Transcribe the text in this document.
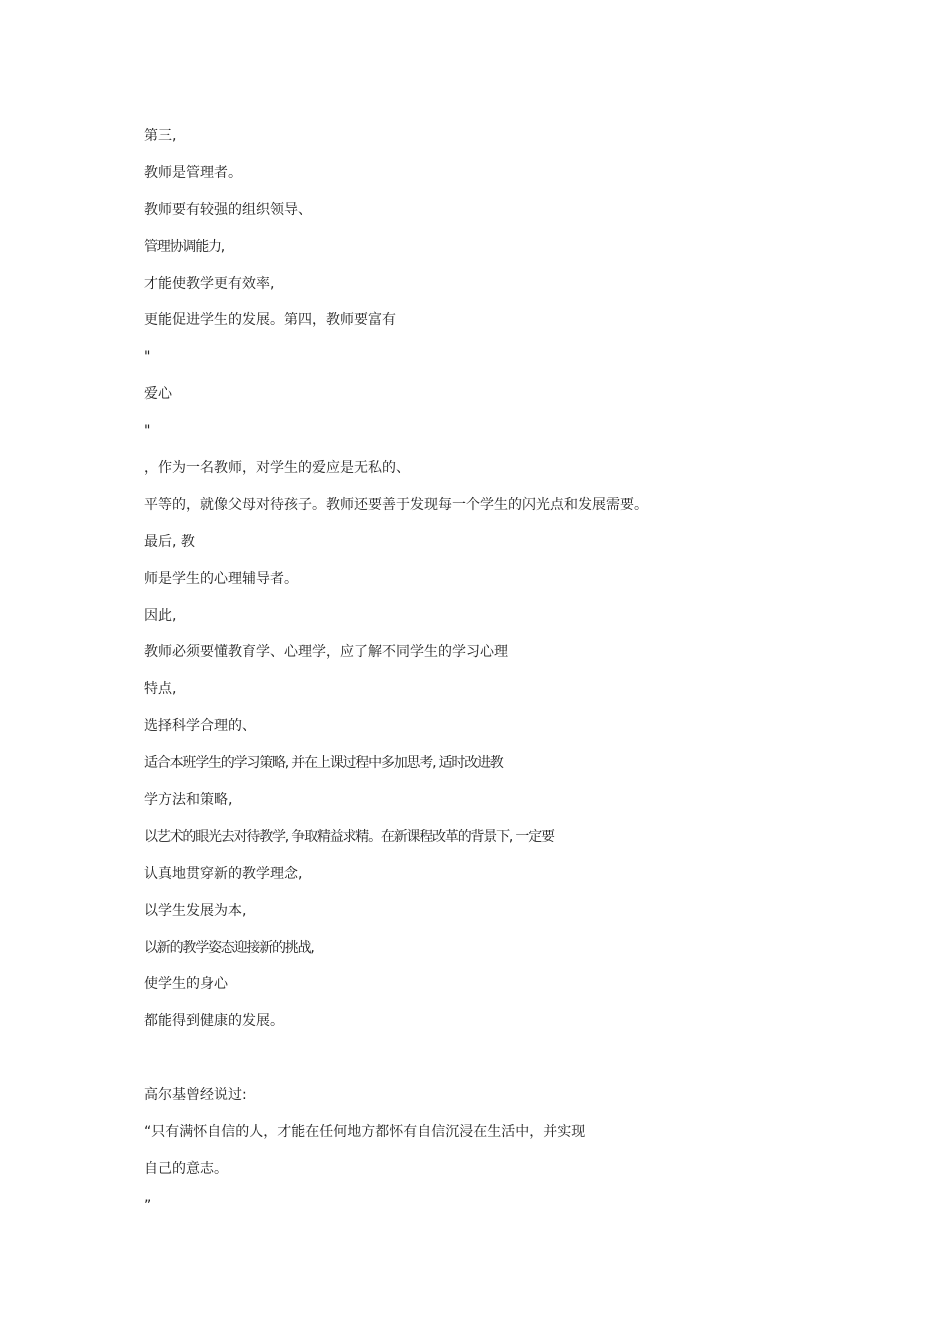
第三,

教师是管理者。

教师要有较强的组织领导、

管理协调能力,

才能使教学更有效率,

更能促进学生的发展。第四，教师要富有

"

爱心

"

，作为一名教师，对学生的爱应是无私的、

平等的，就像父母对待孩子。教师还要善于发现每一个学生的闪光点和发展需要。

最后, 教

师是学生的心理辅导者。

因此,

教师必须要懂教育学、心理学，应了解不同学生的学习心理

特点,

选择科学合理的、

适合本班学生的学习策略, 并在上课过程中多加思考, 适时改进教

学方法和策略,

以艺术的眼光去对待教学, 争取精益求精。在新课程改革的背景下, 一定要

认真地贯穿新的教学理念,

以学生发展为本,

以新的教学姿态迎接新的挑战,

使学生的身心

都能得到健康的发展。

高尔基曾经说过:

“只有满怀自信的人，才能在任何地方都怀有自信沉浸在生活中，并实现

自己的意志。

”
